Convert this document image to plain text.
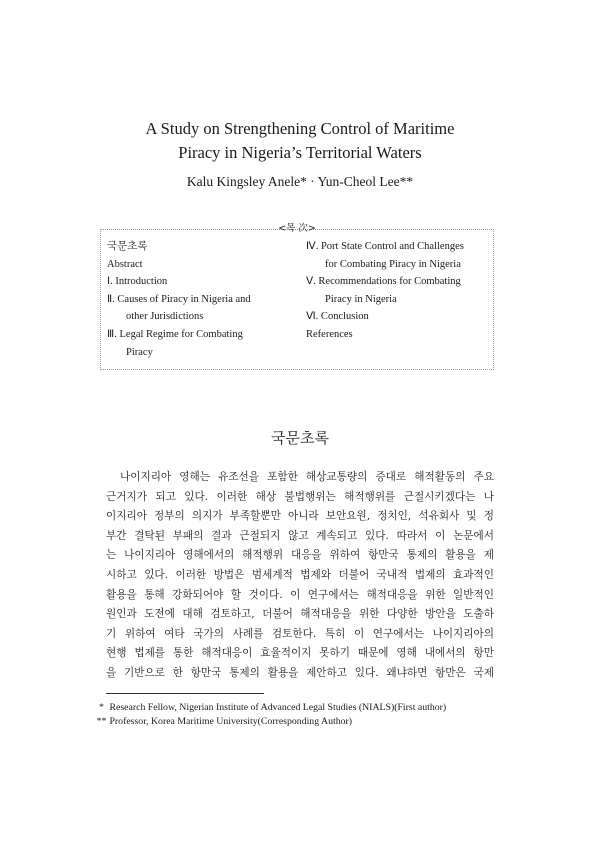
A Study on Strengthening Control of Maritime
Piracy in Nigeria’s Territorial Waters
Kalu Kingsley Anele* · Yun-Cheol Lee**
<목 次>
국문초록
Abstract
Ⅰ. Introduction
Ⅱ. Causes of Piracy in Nigeria and
other Jurisdictions
Ⅲ. Legal Regime for Combating
Piracy
Ⅳ. Port State Control and Challenges
for Combating Piracy in Nigeria
Ⅴ. Recommendations for Combating
Piracy in Nigeria
Ⅵ. Conclusion
References
국문초록
나이지리아 영해는 유조선을 포함한 해상교통량의 증대로 해적활동의 주요
근거지가 되고 있다. 이러한 해상 불법행위는 해적행위를 근절시키겠다는 나
이지리아 정부의 의지가 부족할뿐만 아니라 보안요원, 정치인, 석유회사 및 정
부간 결탁된 부패의 결과 근절되지 않고 계속되고 있다. 따라서 이 논문에서
는 나이지리아 영해에서의 해적행위 대응을 위하여 항만국 통제의 활용을 제
시하고 있다. 이러한 방법은 범세계적 법제와 더불어 국내적 법제의 효과적인
활용을 통해 강화되어야 할 것이다. 이 연구에서는 해적대응을 위한 일반적인
원인과 도전에 대해 검토하고, 더불어 해적대응을 위한 다양한 방안을 도출하
기 위하여 여타 국가의 사례를 검토한다. 특히 이 연구에서는 나이지리아의
현행 법제를 통한 해적대응이 효율적이지 못하기 때문에 영해 내에서의 항만
을 기반으로 한 항만국 통제의 활용을 제안하고 있다. 왜냐하면 항만은 국제
* Research Fellow, Nigerian Institute of Advanced Legal Studies (NIALS)(First author)
** Professor, Korea Maritime University(Corresponding Author)
